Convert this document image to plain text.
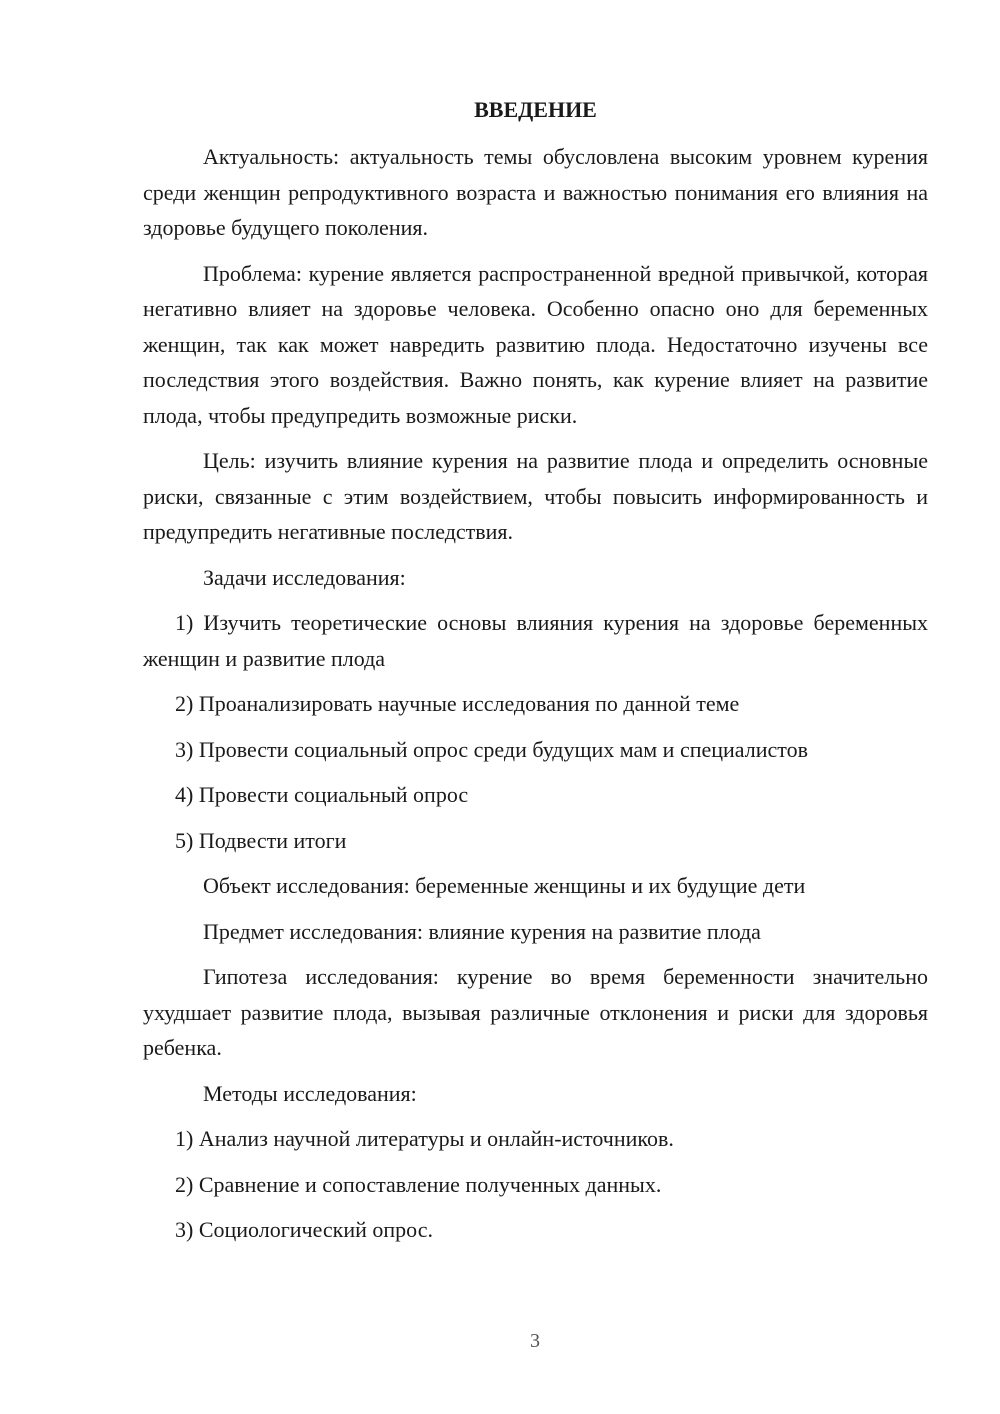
ВВЕДЕНИЕ

Актуальность: актуальность темы обусловлена высоким уровнем курения среди женщин репродуктивного возраста и важностью понимания его влияния на здоровье будущего поколения.

Проблема: курение является распространенной вредной привычкой, которая негативно влияет на здоровье человека. Особенно опасно оно для беременных женщин, так как может навредить развитию плода. Недостаточно изучены все последствия этого воздействия. Важно понять, как курение влияет на развитие плода, чтобы предупредить возможные риски.

Цель: изучить влияние курения на развитие плода и определить основные риски, связанные с этим воздействием, чтобы повысить информированность и предупредить негативные последствия.

Задачи исследования:

1) Изучить теоретические основы влияния курения на здоровье беременных женщин и развитие плода

2) Проанализировать научные исследования по данной теме

3) Провести социальный опрос среди будущих мам и специалистов

4) Провести социальный опрос

5) Подвести итоги

Объект исследования: беременные женщины и их будущие дети

Предмет исследования: влияние курения на развитие плода

Гипотеза исследования: курение во время беременности значительно ухудшает развитие плода, вызывая различные отклонения и риски для здоровья ребенка.

Методы исследования:

1) Анализ научной литературы и онлайн-источников.

2) Сравнение и сопоставление полученных данных.

3) Социологический опрос.

3
